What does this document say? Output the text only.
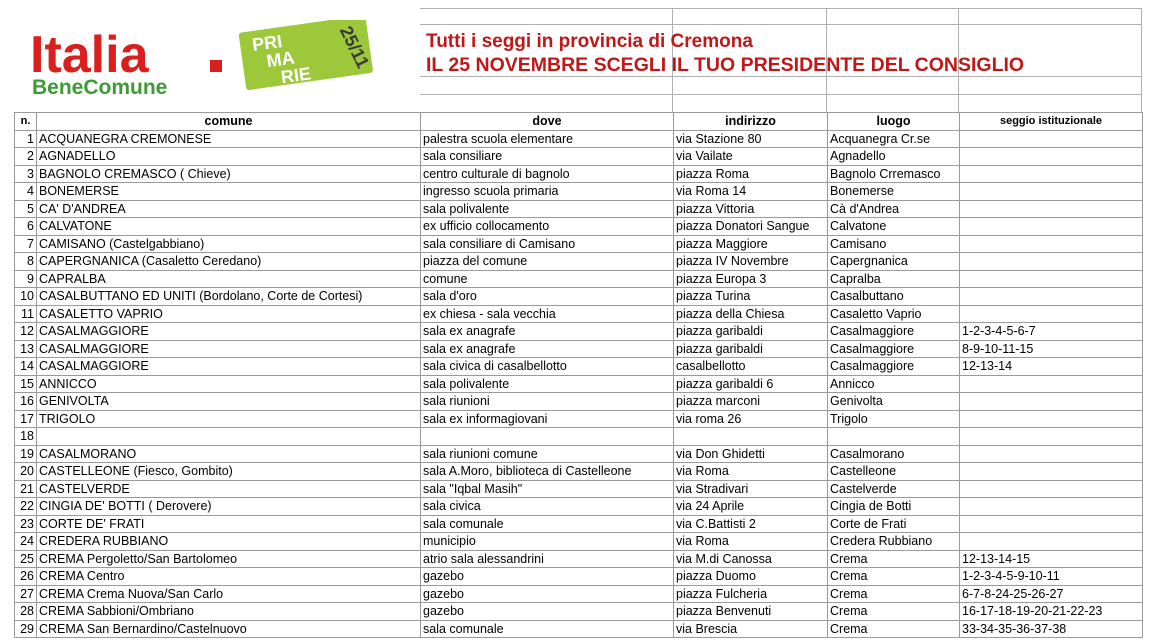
Italia
BeneComune
PRI
MA
RIE
25/11	Tutti i seggi in provincia di Cremona
IL 25 NOVEMBRE SCEGLI IL TUO PRESIDENTE DEL CONSIGLIO
n.	comune	dove	indirizzo	luogo	seggio istituzionale
1	ACQUANEGRA CREMONESE	palestra scuola elementare	via Stazione 80	Acquanegra Cr.se	
2	AGNADELLO	sala consiliare	via Vailate	Agnadello	
3	BAGNOLO CREMASCO ( Chieve)	centro culturale di bagnolo	piazza Roma	Bagnolo Crremasco	
4	BONEMERSE	ingresso scuola primaria	via Roma 14	Bonemerse	
5	CA' D'ANDREA	sala polivalente	piazza Vittoria	Cà d'Andrea	
6	CALVATONE	ex ufficio collocamento	piazza Donatori Sangue	Calvatone	
7	CAMISANO (Castelgabbiano)	sala consiliare di Camisano	piazza Maggiore	Camisano	
8	CAPERGNANICA (Casaletto Ceredano)	piazza del comune	piazza IV Novembre	Capergnanica	
9	CAPRALBA	comune	piazza Europa 3	Capralba	
10	CASALBUTTANO ED UNITI (Bordolano, Corte de Cortesi)	sala d'oro	piazza Turina	Casalbuttano	
11	CASALETTO VAPRIO	ex chiesa - sala vecchia	piazza della Chiesa	Casaletto Vaprio	
12	CASALMAGGIORE	sala ex anagrafe	piazza garibaldi	Casalmaggiore	1-2-3-4-5-6-7
13	CASALMAGGIORE	sala ex anagrafe	piazza garibaldi	Casalmaggiore	8-9-10-11-15
14	CASALMAGGIORE	sala civica di casalbellotto	casalbellotto	Casalmaggiore	12-13-14
15	ANNICCO	sala polivalente	piazza garibaldi 6	Annicco	
16	GENIVOLTA	sala riunioni	piazza marconi	Genivolta	
17	TRIGOLO	sala ex informagiovani	via roma 26	Trigolo	
18					
19	CASALMORANO	sala riunioni comune	via Don Ghidetti	Casalmorano	
20	CASTELLEONE (Fiesco, Gombito)	sala A.Moro, biblioteca di Castelleone	via Roma	Castelleone	
21	CASTELVERDE	sala "Iqbal Masih"	via Stradivari	Castelverde	
22	CINGIA DE' BOTTI ( Derovere)	sala civica	via 24 Aprile	Cingia de Botti	
23	CORTE DE' FRATI	sala comunale	via C.Battisti 2	Corte de Frati	
24	CREDERA RUBBIANO	municipio	via Roma	Credera Rubbiano	
25	CREMA Pergoletto/San Bartolomeo	atrio sala alessandrini	via M.di Canossa	Crema	12-13-14-15
26	CREMA Centro	gazebo	piazza Duomo	Crema	1-2-3-4-5-9-10-11
27	CREMA Crema Nuova/San Carlo	gazebo	piazza Fulcheria	Crema	6-7-8-24-25-26-27
28	CREMA Sabbioni/Ombriano	gazebo	piazza Benvenuti	Crema	16-17-18-19-20-21-22-23
29	CREMA San Bernardino/Castelnuovo	sala comunale	via Brescia	Crema	33-34-35-36-37-38
